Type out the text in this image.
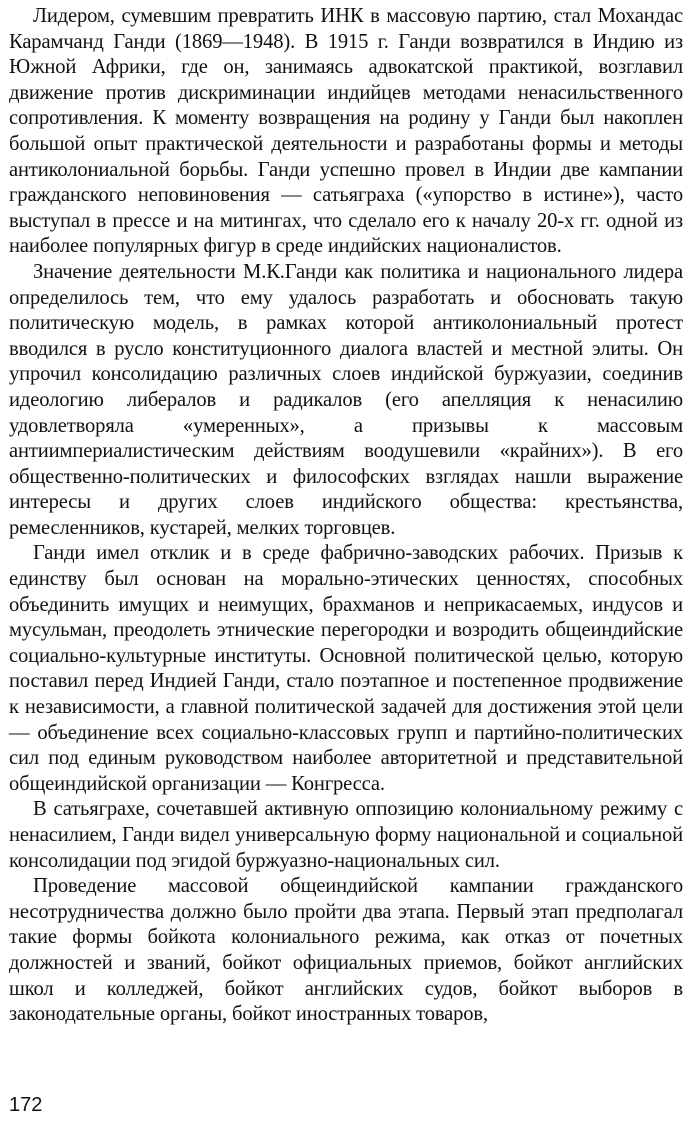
Лидером, сумевшим превратить ИНК в массовую партию, стал Мохандас Карамчанд Ганди (1869—1948). В 1915 г. Ганди возвратился в Индию из Южной Африки, где он, занимаясь адвокатской практикой, возглавил движение против дискриминации индийцев методами ненасильственного сопротивления. К моменту возвращения на родину у Ганди был накоплен большой опыт практической деятельности и разработаны формы и методы антиколониальной борьбы. Ганди успешно провел в Индии две кампании гражданского неповиновения — сатьяграха («упорство в истине»), часто выступал в прессе и на митингах, что сделало его к началу 20-х гг. одной из наиболее популярных фигур в среде индийских националистов.

Значение деятельности М.К.Ганди как политика и национального лидера определилось тем, что ему удалось разработать и обосновать такую политическую модель, в рамках которой антиколониальный протест вводился в русло конституционного диалога властей и местной элиты. Он упрочил консолидацию различных слоев индийской буржуазии, соединив идеологию либералов и радикалов (его апелляция к ненасилию удовлетворяла «умеренных», а призывы к массовым антиимпериалистическим действиям воодушевили «крайних»). В его общественно-политических и философских взглядах нашли выражение интересы и других слоев индийского общества: крестьянства, ремесленников, кустарей, мелких торговцев.

Ганди имел отклик и в среде фабрично-заводских рабочих. Призыв к единству был основан на морально-этических ценностях, способных объединить имущих и неимущих, брахманов и неприкасаемых, индусов и мусульман, преодолеть этнические перегородки и возродить общеиндийские социально-культурные институты. Основной политической целью, которую поставил перед Индией Ганди, стало поэтапное и постепенное продвижение к независимости, а главной политической задачей для достижения этой цели — объединение всех социально-классовых групп и партийно-политических сил под единым руководством наиболее авторитетной и представительной общеиндийской организации — Конгресса.

В сатьяграхе, сочетавшей активную оппозицию колониальному режиму с ненасилием, Ганди видел универсальную форму национальной и социальной консолидации под эгидой буржуазно-национальных сил.

Проведение массовой общеиндийской кампании гражданского несотрудничества должно было пройти два этапа. Первый этап предполагал такие формы бойкота колониального режима, как отказ от почетных должностей и званий, бойкот официальных приемов, бойкот английских школ и колледжей, бойкот английских судов, бойкот выборов в законодательные органы, бойкот иностранных товаров,

172
